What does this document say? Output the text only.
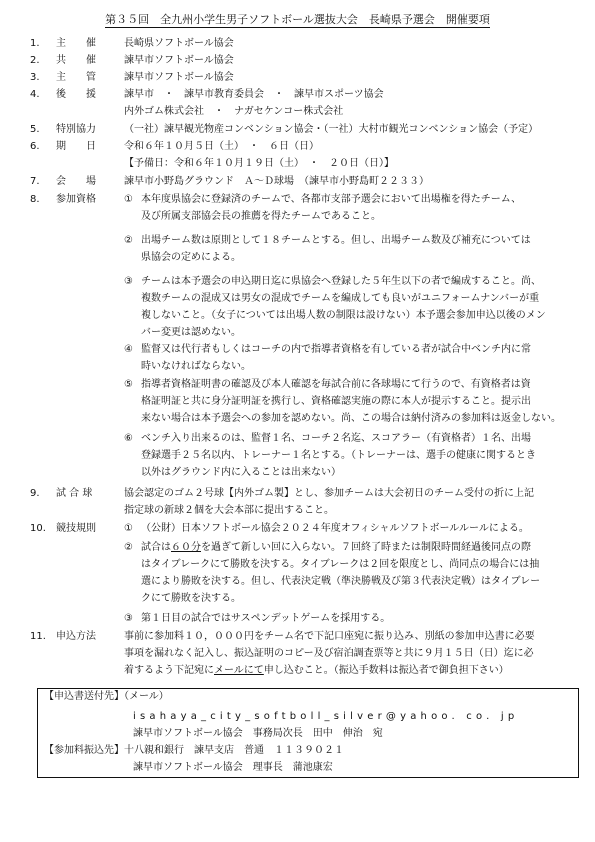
第３５回　全九州小学生男子ソフトボール選抜大会　長崎県予選会　開催要項
1. 主　　催	長崎県ソフトボール協会
2. 共　　催	諫早市ソフトボール協会
3. 主　　管	諫早市ソフトボール協会
4. 後　　援	諫早市　・　諫早市教育委員会　・　諫早市スポーツ協会
内外ゴム株式会社　・　ナガセケンコー株式会社
5. 特別協力	（一社）諫早観光物産コンベンション協会・（一社）大村市観光コンベンション協会（予定）
6. 期　　日	令和６年１０月５日（土）　・　６日（日）
【予備日：令和６年１０月１９日（土）　・　２０日（日）】
7. 会　　場	諫早市小野島グラウンド　Ａ～Ｄ球場　（諫早市小野島町２２３３）
8. 参加資格	① 本年度県協会に登録済のチームで、各都市支部予選会において出場権を得たチーム、
及び所属支部協会長の推薦を得たチームであること。
② 出場チーム数は原則として１８チームとする。但し、出場チーム数及び補充については
県協会の定めによる。
③ チームは本予選会の申込期日迄に県協会へ登録した５年生以下の者で編成すること。尚、
複数チームの混成又は男女の混成でチームを編成しても良いがユニフォームナンバーが重
複しないこと。（女子については出場人数の制限は設けない）本予選会参加申込以後のメン
バー変更は認めない。
④ 監督又は代行者もしくはコーチの内で指導者資格を有している者が試合中ベンチ内に常
時いなければならない。
⑤ 指導者資格証明書の確認及び本人確認を毎試合前に各球場にて行うので、有資格者は資
格証明証と共に身分証明証を携行し、資格確認実施の際に本人が提示すること。提示出
来ない場合は本予選会への参加を認めない。尚、この場合は納付済みの参加料は返金しない。
⑥ ベンチ入り出来るのは、監督１名、コーチ２名迄、スコアラー（有資格者）１名、出場
登録選手２５名以内、トレーナー１名とする。（トレーナーは、選手の健康に関するとき
以外はグラウンド内に入ることは出来ない）
9. 試 合 球	協会認定のゴム２号球【内外ゴム製】とし、参加チームは大会初日のチーム受付の折に上記
指定球の新球２個を大会本部に提出すること。
10. 競技規則	① （公財）日本ソフトボール協会２０２４年度オフィシャルソフトボールルールによる。
② 試合は６０分を過ぎて新しい回に入らない。７回終了時または制限時間経過後同点の際
はタイブレークにて勝敗を決する。タイブレークは２回を限度とし、尚同点の場合には抽
選により勝敗を決する。但し、代表決定戦（準決勝戦及び第３代表決定戦）はタイブレー
クにて勝敗を決する。
③ 第１日目の試合ではサスペンデットゲームを採用する。
11. 申込方法	事前に参加料１０，０００円をチーム名で下記口座宛に振り込み、別紙の参加申込書に必要
事項を漏れなく記入し、振込証明のコピー及び宿泊調査票等と共に９月１５日（日）迄に必
着するよう下記宛にメールにて申し込むこと。（振込手数料は振込者で御負担下さい）
【申込書送付先】（メール）
isahaya_city_softboll_silver@yahoo. co. jp
諫早市ソフトボール協会　事務局次長　田中　伸治　宛
【参加料振込先】十八親和銀行　諫早支店　普通　１１３９０２１
諫早市ソフトボール協会　理事長　蒲池康宏
